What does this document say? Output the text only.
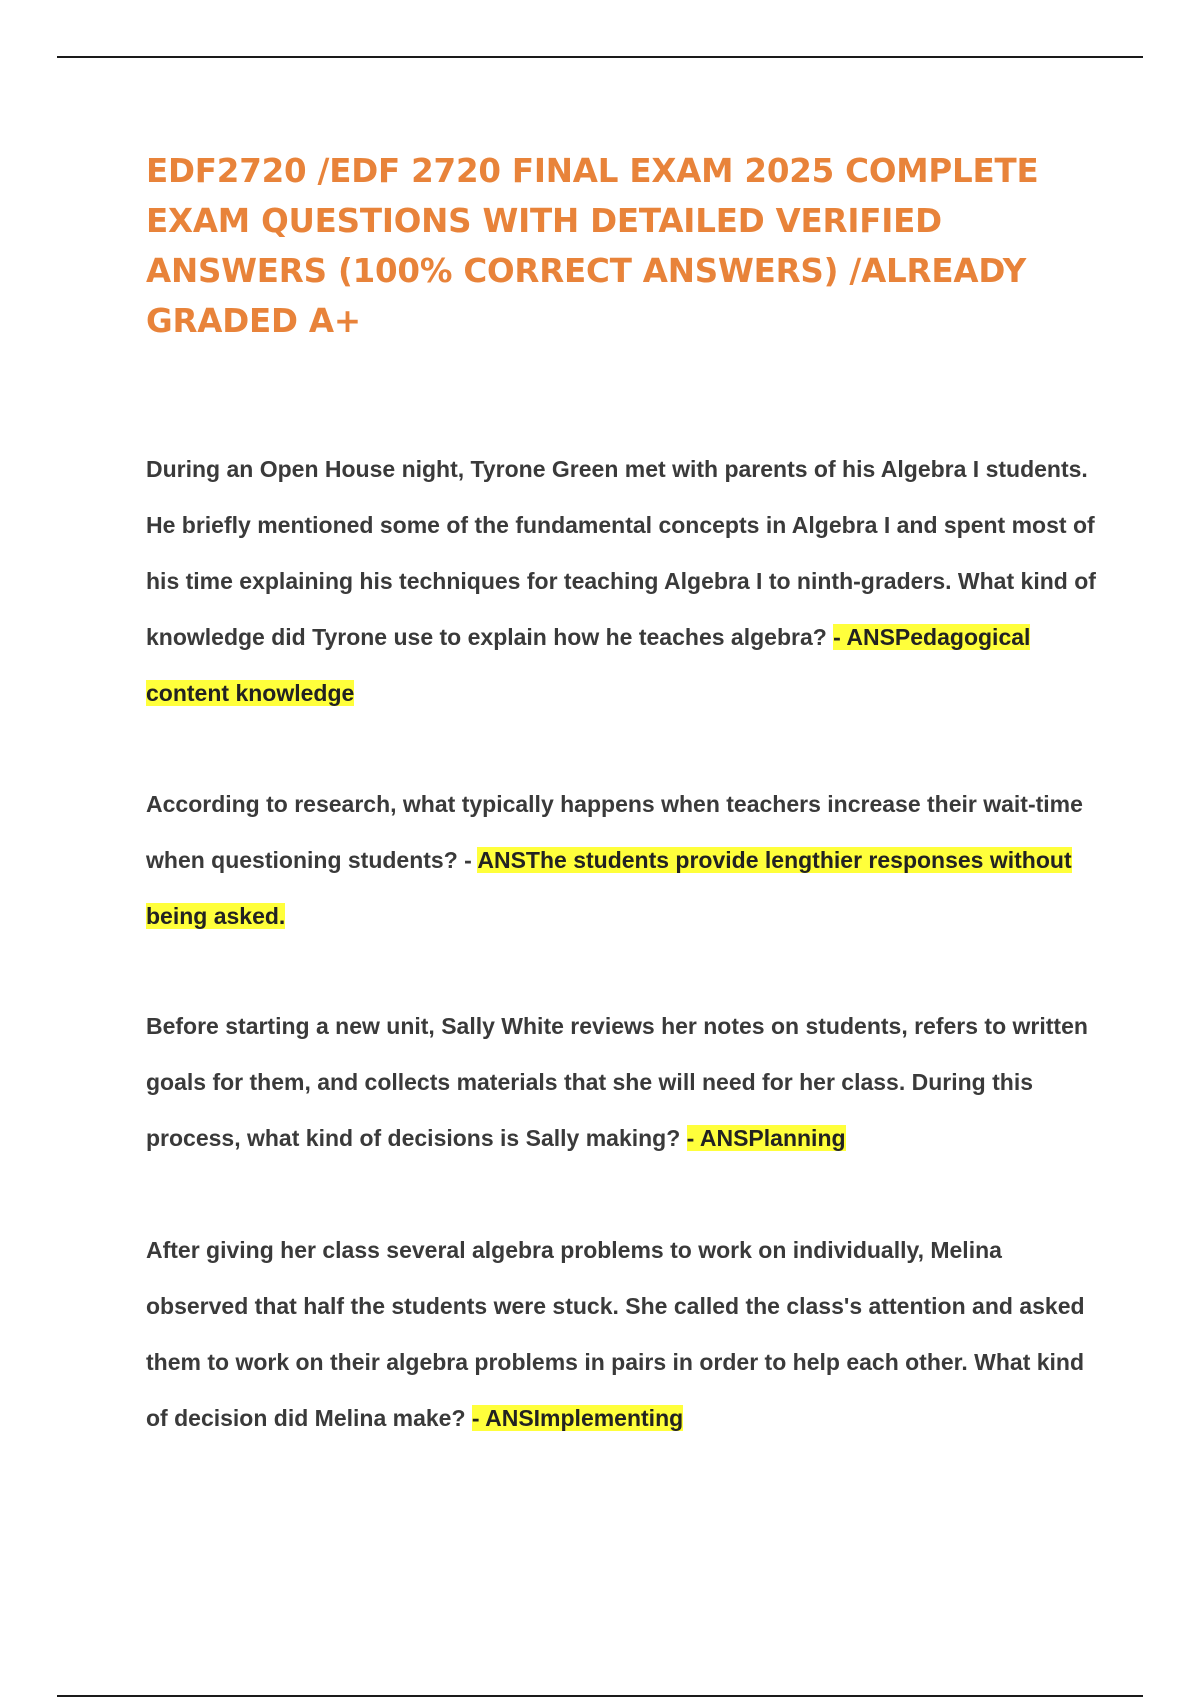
EDF2720 /EDF 2720 FINAL EXAM 2025 COMPLETE EXAM QUESTIONS WITH DETAILED VERIFIED ANSWERS (100% CORRECT ANSWERS) /ALREADY GRADED A+

During an Open House night, Tyrone Green met with parents of his Algebra I students. He briefly mentioned some of the fundamental concepts in Algebra I and spent most of his time explaining his techniques for teaching Algebra I to ninth-graders. What kind of knowledge did Tyrone use to explain how he teaches algebra? - ANSPedagogical content knowledge

According to research, what typically happens when teachers increase their wait-time when questioning students? - ANSThe students provide lengthier responses without being asked.

Before starting a new unit, Sally White reviews her notes on students, refers to written goals for them, and collects materials that she will need for her class. During this process, what kind of decisions is Sally making? - ANSPlanning

After giving her class several algebra problems to work on individually, Melina observed that half the students were stuck. She called the class's attention and asked them to work on their algebra problems in pairs in order to help each other. What kind of decision did Melina make? - ANSImplementing
